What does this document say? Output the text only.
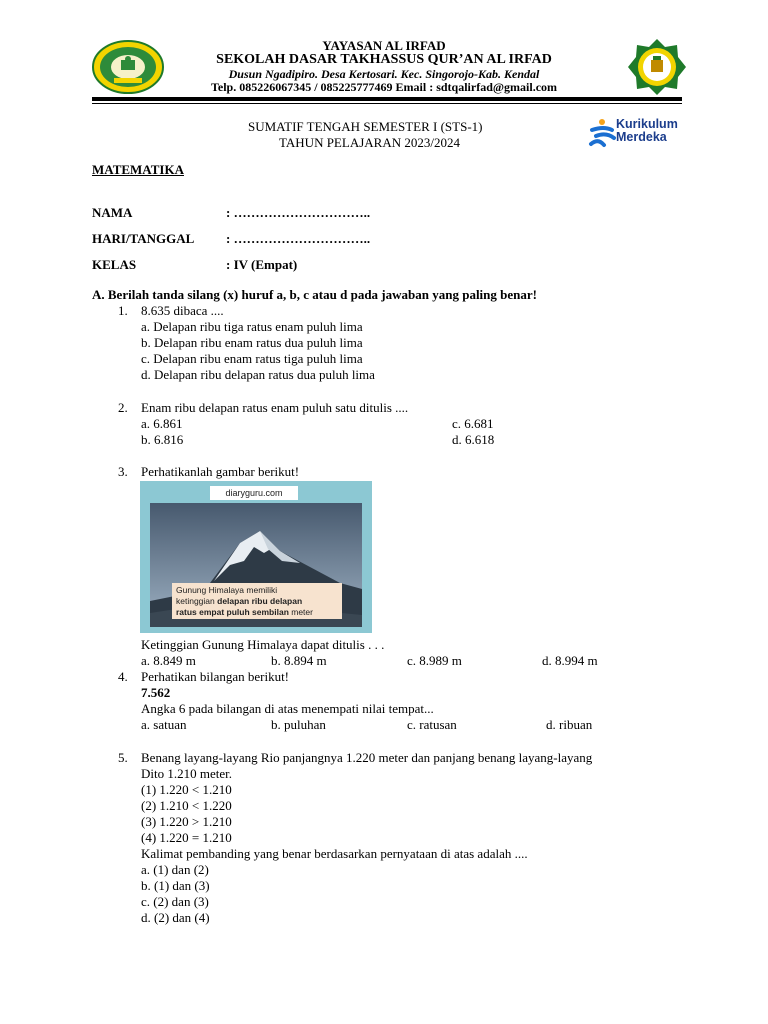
YAYASAN AL IRFAD
SEKOLAH DASAR TAKHASSUS QUR’AN AL IRFAD
Dusun Ngadipiro. Desa Kertosari. Kec. Singorojo-Kab. Kendal
Telp. 085226067345 / 085225777469 Email : sdtqalirfad@gmail.com
SUMATIF TENGAH SEMESTER I (STS-1)
TAHUN PELAJARAN 2023/2024
Kurikulum
Merdeka
MATEMATIKA
NAMA	: …………………………..
HARI/TANGGAL : …………………………..
KELAS	: IV (Empat)
A. Berilah tanda silang (x) huruf a, b, c atau d pada jawaban yang paling benar!
1. 8.635 dibaca ....
a. Delapan ribu tiga ratus enam puluh lima
b. Delapan ribu enam ratus dua puluh lima
c. Delapan ribu enam ratus tiga puluh lima
d. Delapan ribu delapan ratus dua puluh lima
2. Enam ribu delapan ratus enam puluh satu ditulis ....
a. 6.861
b. 6.816
c. 6.681
d. 6.618
3. Perhatikanlah gambar berikut!
diaryguru.com
Gunung Himalaya memiliki
ketinggian delapan ribu delapan
ratus empat puluh sembilan meter
Ketinggian Gunung Himalaya dapat ditulis . . .
a. 8.849 m	b. 8.894 m	c. 8.989 m	d. 8.994 m
4. Perhatikan bilangan berikut!
7.562
Angka 6 pada bilangan di atas menempati nilai tempat...
a. satuan	b. puluhan	c. ratusan	d. ribuan
5. Benang layang-layang Rio panjangnya 1.220 meter dan panjang benang layang-layang
Dito 1.210 meter.
(1) 1.220 < 1.210
(2) 1.210 < 1.220
(3) 1.220 > 1.210
(4) 1.220 = 1.210
Kalimat pembanding yang benar berdasarkan pernyataan di atas adalah ....
a. (1) dan (2)
b. (1) dan (3)
c. (2) dan (3)
d. (2) dan (4)
